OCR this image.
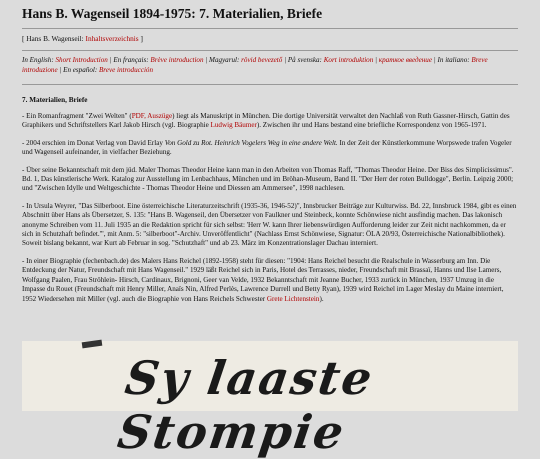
Hans B. Wagenseil 1894-1975: 7. Materialien, Briefe
[ Hans B. Wagenseil: Inhaltsverzeichnis ]
In English: Short Introduction | En français: Brève introduction | Magyarul: rövid bevezető | På svenska: Kort introduktion | краткое введение | In italiano: Breve introduzione | En español: Breve introducción
7. Materialien, Briefe

- Ein Romanfragment "Zwei Welten" (PDF, Auszüge) liegt als Manuskript in München. Die dortige Universität verwaltet den Nachlaß von Ruth Gassner-Hirsch, Gattin des Graphikers und Schriftstellers Karl Jakob Hirsch (vgl. Biographie Ludwig Bäumer). Zwischen ihr und Hans bestand eine briefliche Korrespondenz von 1965-1971.

- 2004 erschien im Donat Verlag von David Erlay Von Gold zu Rot. Heinrich Vogelers Weg in eine andere Welt. In der Zeit der Künstlerkommune Worpswede trafen Vogeler und Wagenseil aufeinander, in vielfacher Beziehung.

- Über seine Bekanntschaft mit dem jüd. Maler Thomas Theodor Heine kann man in den Arbeiten von Thomas Raff, "Thomas Theodor Heine. Der Biss des Simplicissimus". Bd. 1, Das künstlerische Werk. Katalog zur Ausstellung im Lenbachhaus, München und im Bröhan-Museum, Band II. "Der Herr der roten Bulldogge", Berlin. Leipzig 2000; und "Zwischen Idylle und Weltgeschichte - Thomas Theodor Heine und Diessen am Ammersee", 1998 nachlesen.

- In Ursula Weyrer, "Das Silberboot. Eine österreichische Literaturzeitschrift (1935-36, 1946-52)", Innsbrucker Beiträge zur Kulturwiss. Bd. 22, Innsbruck 1984, gibt es einen Abschnitt über Hans als Übersetzer, S. 135: "Hans B. Wagenseil, den Übersetzer von Faulkner und Steinbeck, konnte Schönwiese nicht ausfindig machen. Das lakonisch anonyme Schreiben vom 11. Juli 1935 an die Redaktion spricht für sich selbst: 'Herr W. kann Ihrer liebenswürdigen Aufforderung leider zur Zeit nicht nachkommen, da er sich in Schutzhaft befindet.'", mit Anm. 5: "silberboot"-Archiv. Unveröffentlicht" (Nachlass Ernst Schönwiese, Signatur: ÖLA 20/93, Österreichische Nationalbibliothek). Soweit bislang bekannt, war Kurt ab Februar in sog. "Schutzhaft" und ab 23. März im Konzentrationslager Dachau interniert.

- In einer Biographie (fechenbach.de) des Malers Hans Reichel (1892-1958) steht für diesen: "1904: Hans Reichel besucht die Realschule in Wasserburg am Inn. Die Entdeckung der Natur, Freundschaft mit Hans Wagenseil." 1929 läßt Reichel sich in Paris, Hotel des Terrasses, nieder, Freundschaft mit Brassaï, Hanns und Ilse Lamers, Wolfgang Paalen, Frau Ströhlein- Hirsch, Cardinaux, Brignoni, Geer van Velde, 1932 Bekanntschaft mit Jeanne Bucher, 1933 zurück in München, 1937 Umzug in die Impasse du Rouet (Freundschaft mit Henry Miller, Anaïs Nin, Alfred Perlès, Lawrence Durrell und Betty Ryan), 1939 wird Reichel im Lager Meslay du Maine interniert, 1952 Wiedersehen mit Miller (vgl. auch die Biographie von Hans Reichels Schwester Grete Lichtenstein).

Sy laaste Stompie
